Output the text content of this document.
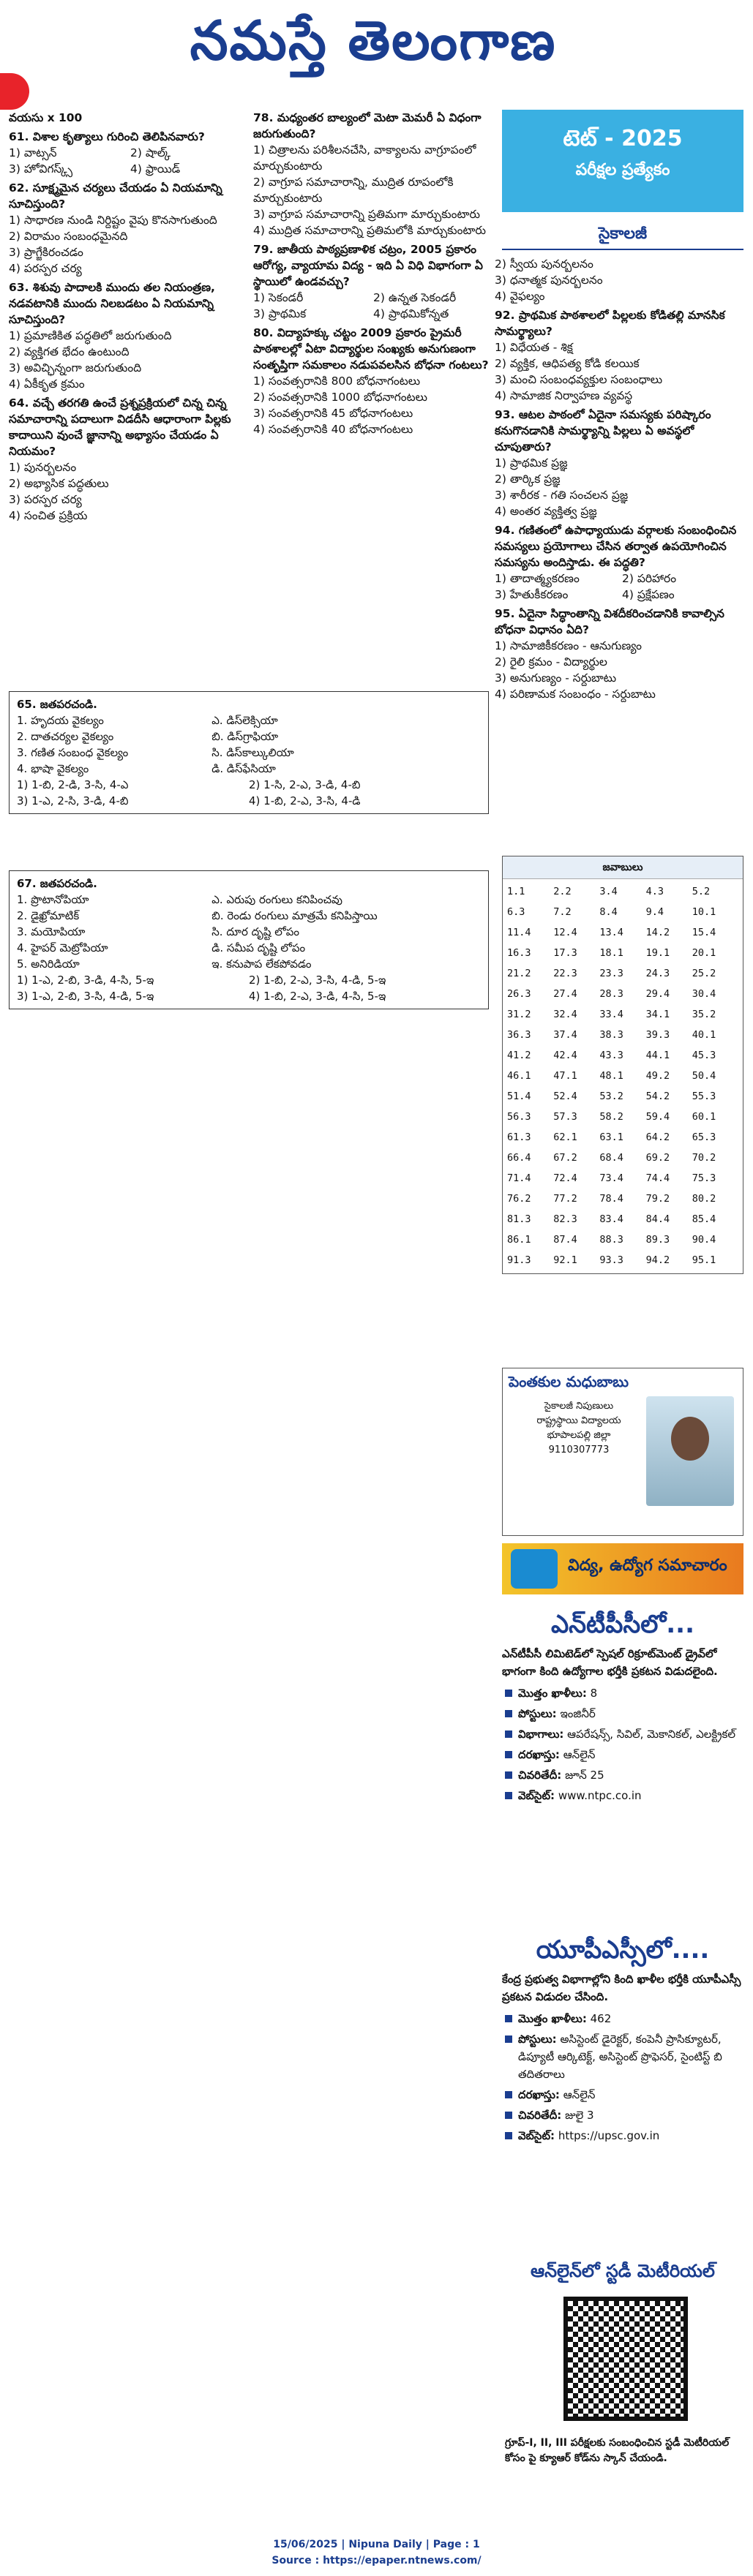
నమస్తే తెలంగాణ
వయసు x 100
61. విశాల కృత్యాలు గురించి తెలిపినవారు?
1) వాట్సన్	2) షాల్క్
3) హోవిగస్క్స్	4) ఫ్రాయిడ్
62. సూక్ష్మమైన చర్యలు చేయడం ఏ నియమాన్ని సూచిస్తుంది?
1) సాధారణ నుండి నిర్దిష్టం వైపు కొనసాగుతుంది
2) విరామం సంబంధమైనది
3) ప్రాగ్జేకిరంచడం
4) పరస్పర చర్య
63. శిశువు పాదాలకి ముందు తల నియంత్రణ, నడవటానికి ముందు నిలబడటం ఏ నియమాన్ని సూచిస్తుంది?
1) ప్రమాణికిత పద్ధతిలో జరుగుతుంది
2) వ్యక్తిగత భేదం ఉంటుంది
3) అవిచ్ఛిన్నంగా జరుగుతుంది
4) ఏకీకృత క్రమం
64. వచ్చే తరగతి ఉంచే ప్రశ్నప్రక్రియలో చిన్న చిన్న సమాచారాన్ని పదాలుగా విడదీసి ఆధారాంగా పిల్లకు కాదాయిని వుంచే జ్ఞానాన్ని అభ్యాసం చేయడం ఏ నియమం?
1) పునర్బలనం
2) అభ్యాసిక పద్ధతులు
3) పరస్పర చర్య
4) సంచిత ప్రక్రియ
78. మధ్యంతర బాల్యంలో మెటా మెమరీ ఏ విధంగా జరుగుతుంది?
1) చిత్రాలను పరిశీలనచేసి, వాక్యాలను వాగ్రూపంలో మార్చుకుంటారు
2) వాగ్రూప సమాచారాన్ని, ముద్రిత రూపంలోకి మార్చుకుంటారు
3) వాగ్రూప సమాచారాన్ని ప్రతిమగా మార్చుకుంటారు
4) ముద్రిత సమాచారాన్ని ప్రతిమలోకి మార్చుకుంటారు
79. జాతీయ పాఠ్యప్రణాళిక చట్రం, 2005 ప్రకారం ఆరోగ్య, వ్యాయామ విద్య - ఇది ఏ విధి విభాగంగా ఏ స్థాయిలో ఉండవచ్చు?
1) సెకండరీ	2) ఉన్నత సెకండరీ
3) ప్రాథమిక	4) ప్రాథమికోన్నత
80. విద్యాహక్కు చట్టం 2009 ప్రకారం ప్రైమరీ పాఠశాలల్లో ఏటా విద్యార్థుల సంఖ్యకు అనుగుణంగా సంతృప్తిగా సమకాలం నడుపవలసిన బోధనా గంటలు?
1) సంవత్సరానికి 800 బోధనాగంటలు
2) సంవత్సరానికి 1000 బోధనాగంటలు
3) సంవత్సరానికి 45 బోధనాగంటలు
4) సంవత్సరానికి 40 బోధనాగంటలు
టెట్ - 2025
పరీక్షల ప్రత్యేకం
సైకాలజీ
2) స్వీయ పునర్బలనం
3) ధనాత్మక పునర్బలనం
4) వైఫల్యం
92. ప్రాథమిక పాఠశాలలో పిల్లలకు కోడితల్లి మానసిక సామర్థ్యాలు?
1) విధేయత - శిక్ష
2) వ్యక్తిక, ఆధిపత్య కోడి కలయిక
3) మంచి సంబంధవ్యక్తుల సంబంధాలు
4) సామాజిక నిర్వాహణ వ్యవస్థ
93. ఆటల పాఠంలో ఏదైనా సమస్యకు పరిష్కారం కనుగొనడానికి సామర్థ్యాన్ని పిల్లలు ఏ అవస్థలో చూపుతారు?
1) ప్రాథమిక ప్రజ్ఞ
2) తార్కిక ప్రజ్ఞ
3) శారీరక - గతి సంచలన ప్రజ్ఞ
4) అంతర వ్యక్తిత్వ ప్రజ్ఞ
94. గణితంలో ఉపాధ్యాయుడు వర్గాలకు సంబంధించిన సమస్యలు ప్రయోగాలు చేసిన తర్వాత ఉపయోగించిన సమస్యను అందిస్తాడు. ఈ పద్ధతి?
1) తాదాత్మ్యకరణం	2) పరిహారం
3) హేతుకీకరణం	4) ప్రక్షేపణం
95. ఏదైనా సిద్ధాంతాన్ని విశదీకరించడానికి కావాల్సిన బోధనా విధానం ఏది?
1) సామాజికీకరణం - ఆనుగుణ్యం
2) రైలి క్రమం - విద్యార్థుల
3) అనుగుణ్యం - సర్దుబాటు
4) పరిణామక సంబంధం - సర్దుబాటు
65. జతపరచండి.
1. హృదయ వైకల్యం	ఎ. డిస్‌లెక్సియా
2. దాతచర్యల వైకల్యం	బి. డిస్‌గ్రాఫియా
3. గణిత సంబంధ వైకల్యం	సి. డిస్‌కాల్కులియా
4. భాషా వైకల్యం	డి. డిస్‌ఫేసియా
1) 1-బి, 2-డి, 3-సి, 4-ఎ	2) 1-సి, 2-ఎ, 3-డి, 4-బి
3) 1-ఎ, 2-సి, 3-డి, 4-బి	4) 1-బి, 2-ఎ, 3-సి, 4-డి
67. జతపరచండి.
1. ప్రొటానోపియా	ఎ. ఎరుపు రంగులు కనిపించవు
2. డైఖ్రోమాటిక్	బి. రెండు రంగులు మాత్రమే కనిపిస్తాయి
3. మయోపియా	సి. దూర దృష్టి లోపం
4. హైపర్ మెట్రోపియా	డి. సమీప దృష్టి లోపం
5. అనిరిడియా	ఇ. కనుపాప లేకపోవడం
1) 1-ఎ, 2-బి, 3-డి, 4-సి, 5-ఇ	2) 1-బి, 2-ఎ, 3-సి, 4-డి, 5-ఇ
3) 1-ఎ, 2-బి, 3-సి, 4-డి, 5-ఇ	4) 1-బి, 2-ఎ, 3-డి, 4-సి, 5-ఇ
జవాబులు
1.1	2.2	3.4	4.3	5.2
6.3	7.2	8.4	9.4	10.1
11.4	12.4	13.4	14.2	15.4
16.3	17.3	18.1	19.1	20.1
21.2	22.3	23.3	24.3	25.2
26.3	27.4	28.3	29.4	30.4
31.2	32.4	33.4	34.1	35.2
36.3	37.4	38.3	39.3	40.1
41.2	42.4	43.3	44.1	45.3
46.1	47.1	48.1	49.2	50.4
51.4	52.4	53.2	54.2	55.3
56.3	57.3	58.2	59.4	60.1
61.3	62.1	63.1	64.2	65.3
66.4	67.2	68.4	69.2	70.2
71.4	72.4	73.4	74.4	75.3
76.2	77.2	78.4	79.2	80.2
81.3	82.3	83.4	84.4	85.4
86.1	87.4	88.3	89.3	90.4
91.3	92.1	93.3	94.2	95.1
పెంతకుల మధుబాబు
సైకాలజీ నిపుణులు
రాష్ట్రస్థాయి విద్యాలయ
భూపాలపల్లి జిల్లా
9110307773
విద్య, ఉద్యోగ సమాచారం
ఎన్‌టీపీసీలో...
ఎన్‌టీపీసీ లిమిటెడ్‌లో స్పెషల్ రిక్రూట్‌మెంట్ డ్రైవ్‌లో భాగంగా కింది ఉద్యోగాల భర్తీకి ప్రకటన విడుదలైంది.
మొత్తం ఖాళీలు: 8
పోస్టులు: ఇంజినీర్
విభాగాలు: ఆపరేషన్స్, సివిల్, మెకానికల్, ఎలక్ట్రికల్
దరఖాస్తు: ఆన్‌లైన్
చివరితేదీ: జూన్ 25
వెబ్‌సైట్: www.ntpc.co.in
యూపీఎస్సీలో....
కేంద్ర ప్రభుత్వ విభాగాల్లోని కింది ఖాళీల భర్తీకి యూపీఎస్సీ ప్రకటన విడుదల చేసింది.
మొత్తం ఖాళీలు: 462
పోస్టులు: అసిస్టెంట్ డైరెక్టర్, కంపెనీ ప్రాసిక్యూటర్, డిప్యూటీ ఆర్కిటెక్ట్, అసిస్టెంట్ ప్రొఫెసర్, సైంటిస్ట్ బి తదితరాలు
దరఖాస్తు: ఆన్‌లైన్
చివరితేదీ: జులై 3
వెబ్‌సైట్: https://upsc.gov.in
ఆన్‌లైన్‌లో స్టడీ మెటీరియల్
గ్రూప్-I, II, III పరీక్షలకు సంబంధించిన స్టడీ మెటీరియల్‌ కోసం పై క్యూఆర్ కోడ్‌ను స్కాన్ చేయండి.
15/06/2025 | Nipuna Daily | Page : 1
Source : https://epaper.ntnews.com/
